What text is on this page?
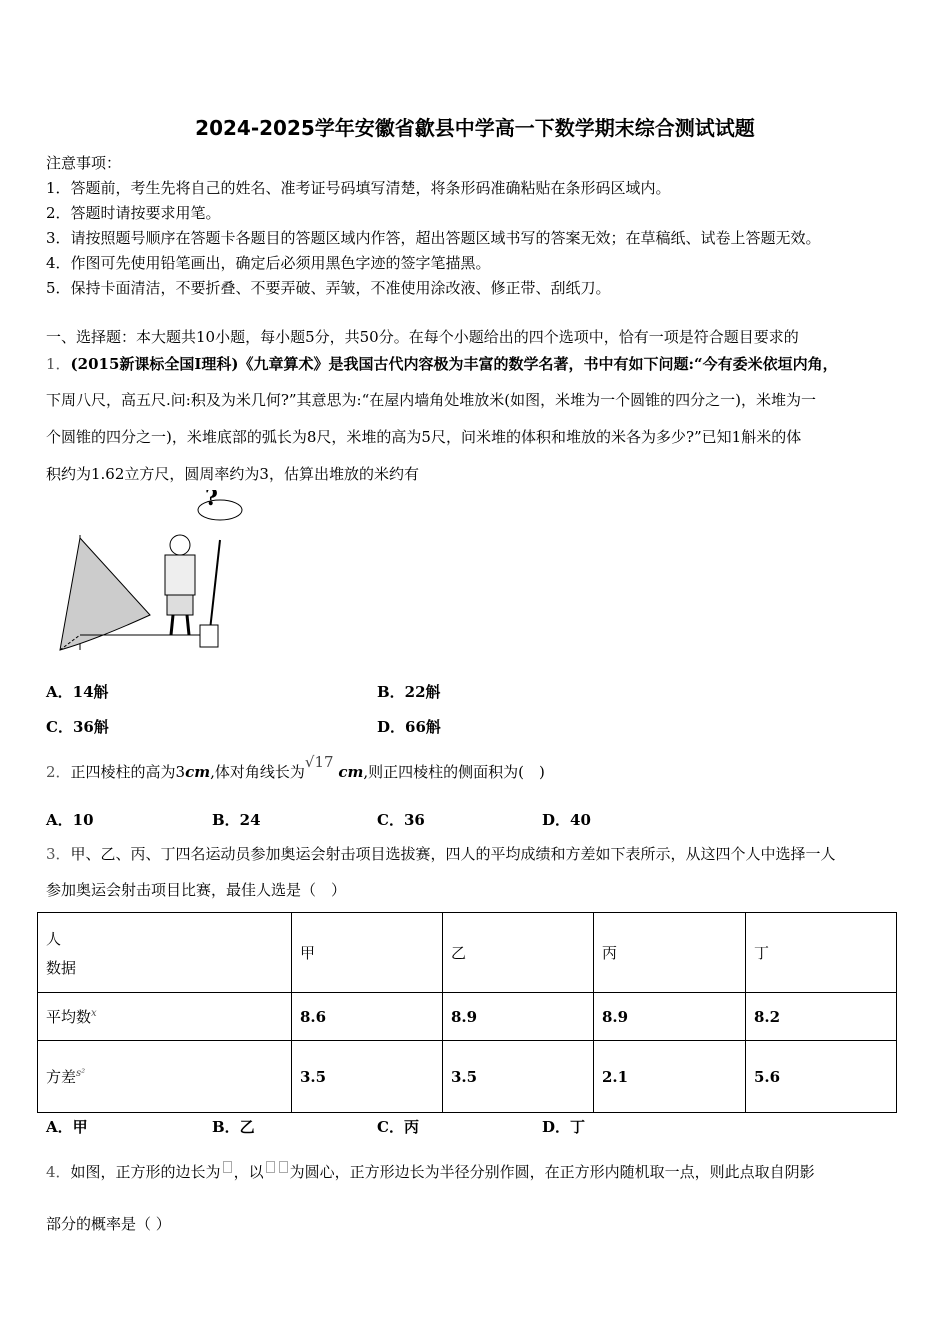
2024-2025学年安徽省歙县中学高一下数学期末综合测试试题
注意事项：
1．答题前，考生先将自己的姓名、准考证号码填写清楚，将条形码准确粘贴在条形码区域内。
2．答题时请按要求用笔。
3．请按照题号顺序在答题卡各题目的答题区域内作答，超出答题区域书写的答案无效；在草稿纸、试卷上答题无效。
4．作图可先使用铅笔画出，确定后必须用黑色字迹的签字笔描黑。
5．保持卡面清洁，不要折叠、不要弄破、弄皱，不准使用涂改液、修正带、刮纸刀。
一、选择题：本大题共10小题，每小题5分，共50分。在每个小题给出的四个选项中，恰有一项是符合题目要求的
1．(2015新课标全国I理科)《九章算术》是我国古代内容极为丰富的数学名著，书中有如下问题:“今有委米依垣内角，
下周八尺，高五尺.问:积及为米几何?”其意思为:“在屋内墙角处堆放米(如图，米堆为一个圆锥的四分之一)，米堆为一
个圆锥的四分之一)，米堆底部的弧长为8尺，米堆的高为5尺，问米堆的体积和堆放的米各为多少?”已知1斛米的体
积约为1.62立方尺，圆周率约为3，估算出堆放的米约有
?
A．14斛	B．22斛
C．36斛	D．66斛
2．正四棱柱的高为3cm,体对角线长为√17 cm,则正四棱柱的侧面积为(　)
A．10	B．24	C．36	D．40
3．甲、乙、丙、丁四名运动员参加奥运会射击项目选拔赛，四人的平均成绩和方差如下表所示，从这四个人中选择一人
参加奥运会射击项目比赛，最佳人选是（　）
人
数据	甲	乙	丙	丁
平均数$^x$	8.6	8.9	8.9	8.2
方差$^{s^2}$	3.5	3.5	2.1	5.6
A．甲	B．乙	C．丙	D．丁
4．如图，正方形的边长为 ，以 为圆心，正方形边长为半径分别作圆，在正方形内随机取一点，则此点取自阴影
部分的概率是（ ）
